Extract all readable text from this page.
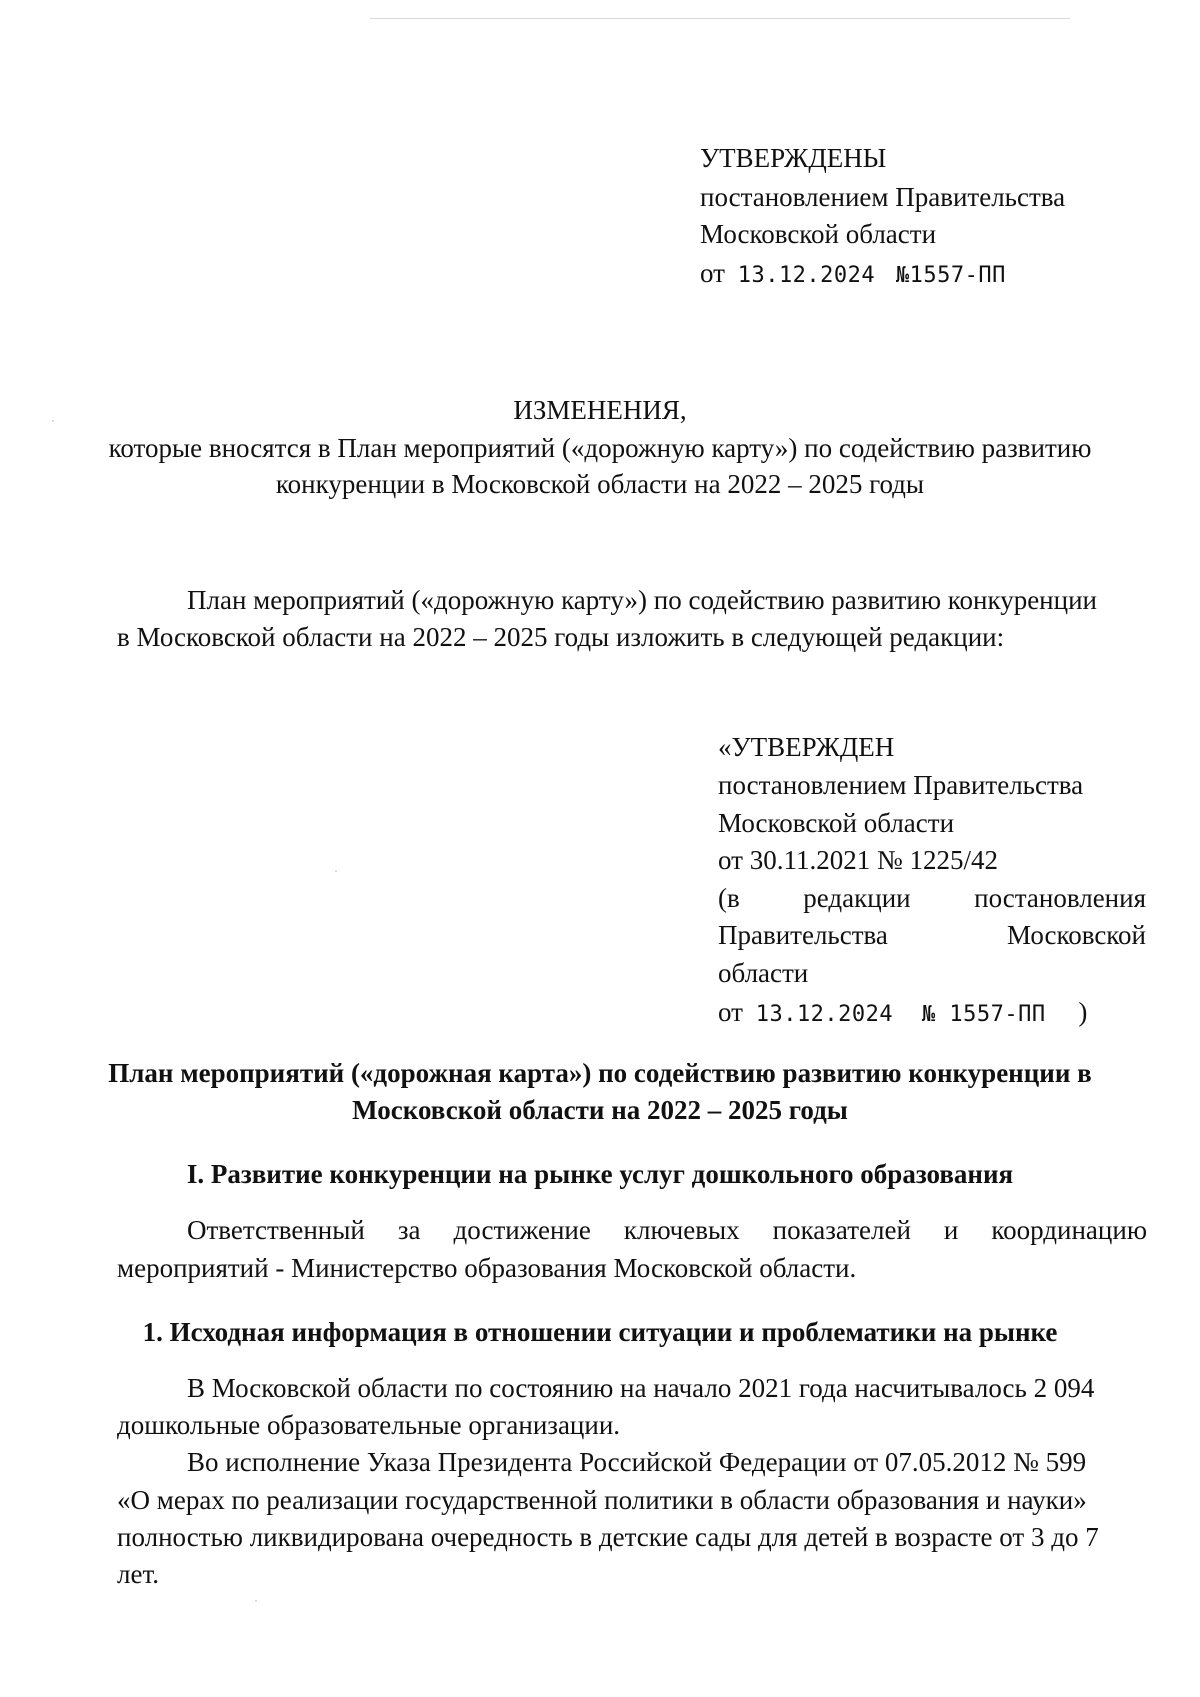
УТВЕРЖДЕНЫ
постановлением Правительства
Московской области
от 13.12.2024 №1557-ПП
ИЗМЕНЕНИЯ,
которые вносятся в План мероприятий («дорожную карту») по содействию развитию
конкуренции в Московской области на 2022 – 2025 годы
План мероприятий («дорожную карту») по содействию развитию конкуренции
в Московской области на 2022 – 2025 годы изложить в следующей редакции:
«УТВЕРЖДЕН
постановлением Правительства
Московской области
от 30.11.2021 № 1225/42
(в редакции постановления
Правительства Московской
области
от 13.12.2024 № 1557-ПП )
План мероприятий («дорожная карта») по содействию развитию конкуренции в
Московской области на 2022 – 2025 годы
I. Развитие конкуренции на рынке услуг дошкольного образования
Ответственный за достижение ключевых показателей и координацию
мероприятий - Министерство образования Московской области.
1. Исходная информация в отношении ситуации и проблематики на рынке
В Московской области по состоянию на начало 2021 года насчитывалось 2 094
дошкольные образовательные организации.
Во исполнение Указа Президента Российской Федерации от 07.05.2012 № 599
«О мерах по реализации государственной политики в области образования и науки»
полностью ликвидирована очередность в детские сады для детей в возрасте от 3 до 7
лет.
